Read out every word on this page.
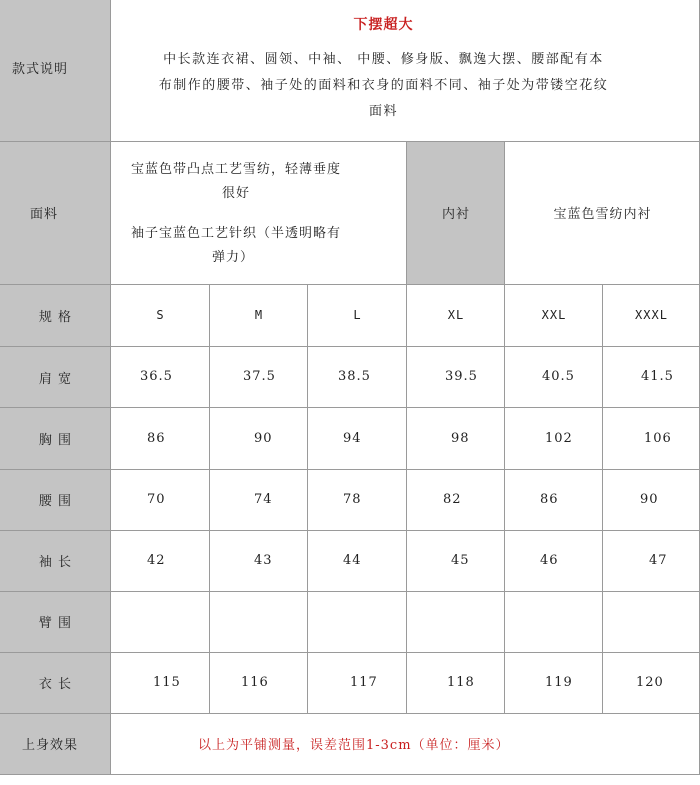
款式说明
下摆超大
中长款连衣裙、圆领、中袖、 中腰、修身版、飘逸大摆、腰部配有本
布制作的腰带、袖子处的面料和衣身的面料不同、袖子处为带镂空花纹
面料
面料
宝蓝色带凸点工艺雪纺，轻薄垂度
很好
袖子宝蓝色工艺针织（半透明略有
弹力）
内衬	宝蓝色雪纺内衬
规 格	S	M	L	XL	XXL	XXXL
肩 宽	36.5	37.5	38.5	39.5	40.5	41.5
胸 围	86	90	94	98	102	106
腰 围	70	74	78	82	86	90
袖 长	42	43	44	45	46	47
臂 围
衣 长	115	116	117	118	119	120
上身效果	以上为平铺测量，误差范围1-3cm（单位：厘米）
